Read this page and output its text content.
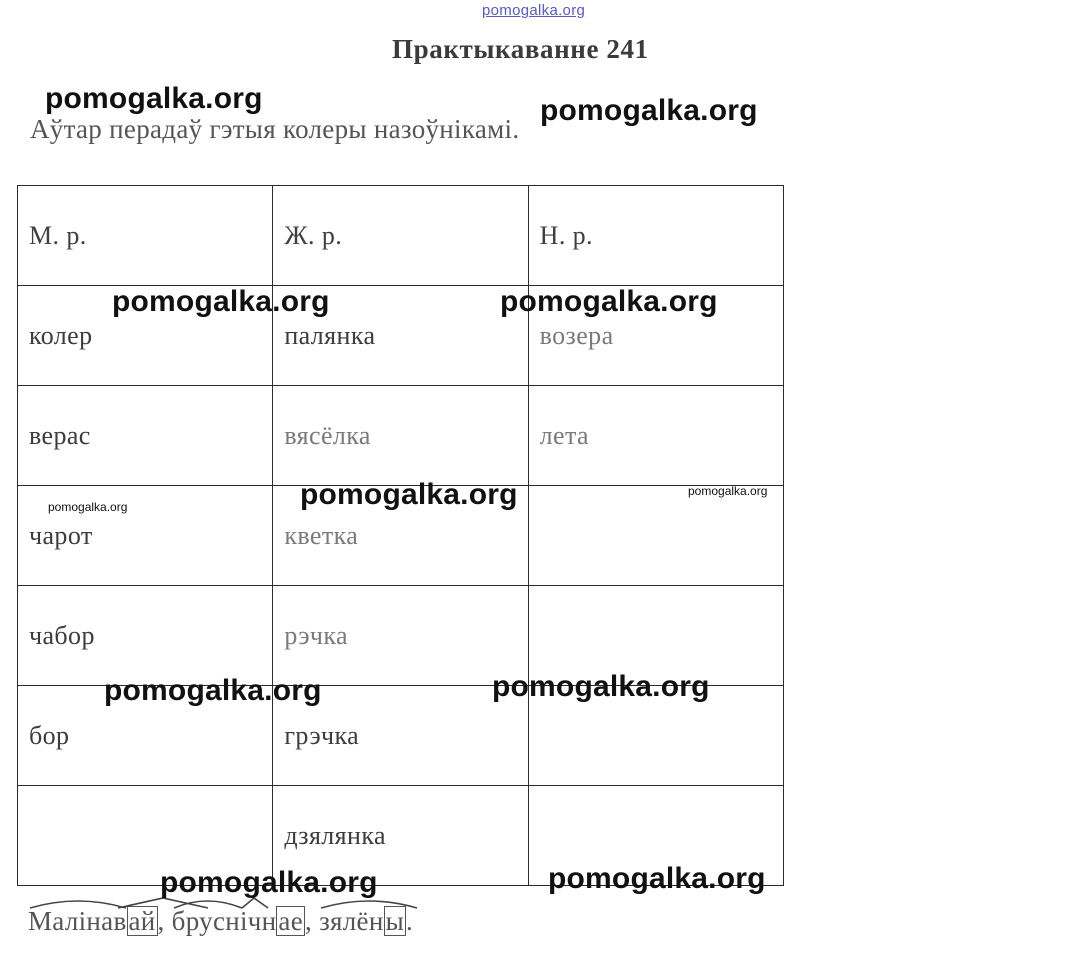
pomogalka.org
Практыкаванне 241
Аўтар перадаў гэтыя колеры назоўнікамі.
М. р.	Ж. р.	Н. р.
колер	палянка	возера
верас	вясёлка	лета
чарот	кветка	
чабор	рэчка	
бор	грэчка	
	дзялянка	
Маліна
вай,
бруснічнае,
зялёны.
pomogalka.org	pomogalka.org
pomogalka.org	pomogalka.org
pomogalka.org
pomogalka.org
pomogalka.org
pomogalka.org	pomogalka.org
pomogalka.org	pomogalka.org
